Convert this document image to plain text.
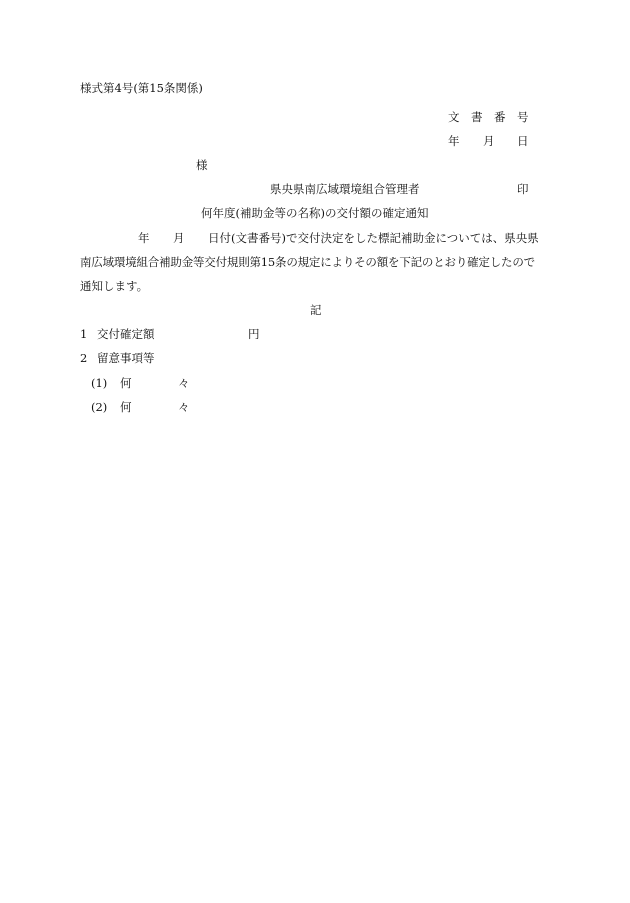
様式第4号(第15条関係)
文 書 番 号
年 月 日
様
県央県南広域環境組合管理者	印
何年度(補助金等の名称)の交付額の確定通知
年 月 日付(文書番号)で交付決定をした標記補助金については、県央県
南広域環境組合補助金等交付規則第15条の規定によりその額を下記のとおり確定したので
通知します。
記
1 交付確定額	円
2 留意事項等
(1) 何	々
(2) 何	々
